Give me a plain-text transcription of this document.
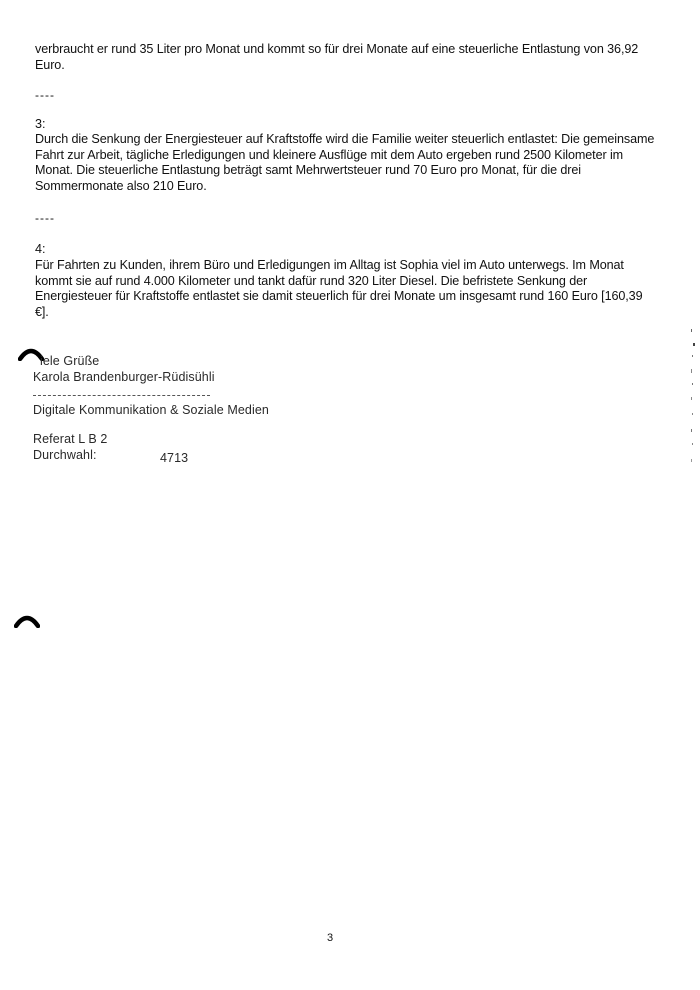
verbraucht er rund 35 Liter pro Monat und kommt so für drei Monate auf eine steuerliche Entlastung von 36,92 Euro.
----
3:
Durch die Senkung der Energiesteuer auf Kraftstoffe wird die Familie weiter steuerlich entlastet: Die gemeinsame Fahrt zur Arbeit, tägliche Erledigungen und kleinere Ausflüge mit dem Auto ergeben rund 2500 Kilometer im Monat. Die steuerliche Entlastung beträgt samt Mehrwertsteuer rund 70 Euro pro Monat, für die drei Sommermonate also 210 Euro.
----
4:
Für Fahrten zu Kunden, ihrem Büro und Erledigungen im Alltag ist Sophia viel im Auto unterwegs. Im Monat kommt sie auf rund 4.000 Kilometer und tankt dafür rund 320 Liter Diesel. Die befristete Senkung der Energiesteuer für Kraftstoffe entlastet sie damit steuerlich für drei Monate um insgesamt rund 160 Euro [160,39 €].
iele Grüße
Karola Brandenburger-Rüdisühli
Digitale Kommunikation & Soziale Medien
Referat L B 2
Durchwahl:	4713
3
